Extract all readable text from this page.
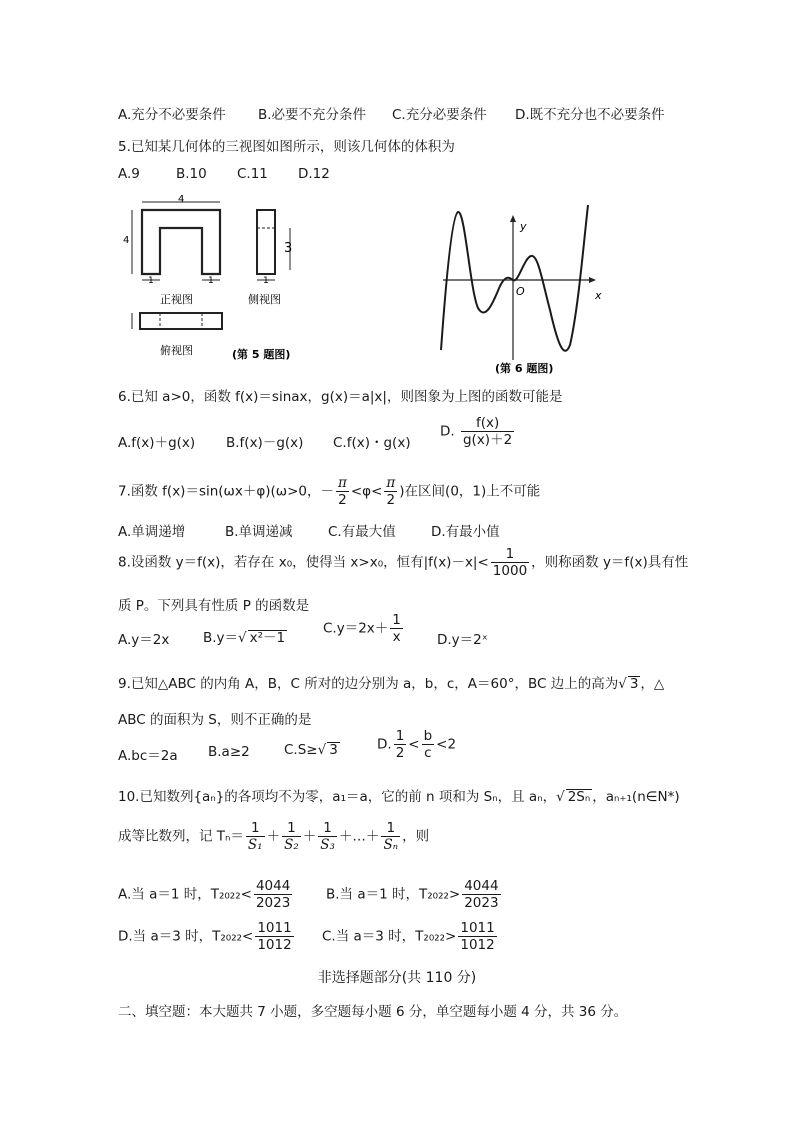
A.充分不必要条件 B.必要不充分条件 C.充分必要条件 D.既不充分也不必要条件
5.已知某几何体的三视图如图所示，则该几何体的体积为
A.9	B.10 C.11 D.12
4
4
1	1
正视图
3
1
侧视图
俯视图	(第 5 题图)
y
x
O
(第 6 题图)
6.已知 a>0，函数 f(x)＝sinax，g(x)＝a|x|，则图象为上图的函数可能是
A.f(x)＋g(x) B.f(x)－g(x) C.f(x)・g(x)
D. $\frac{f(x)}{g(x)+2}$
7.函数 f(x)＝sin(ωx＋φ)(ω>0，－ $\frac{\pi}{2} <\varphi< \frac{\pi}{2}$ )在区间(0，1)上不可能
A.单调递增	B.单调递减	C.有最大值	D.有最小值
8.设函数 y＝f(x)，若存在 x₀，使得当 x>x₀，恒有$|f(x)-x|< \frac{1}{1000}$ ，则称函数 y＝f(x)具有性
质 P。下列具有性质 P 的函数是
A.y＝2x B.y＝√ x²－1
$C.y=2x+ \frac{1}{x}$	D.y＝2ˣ
9.已知△ABC 的内角 A，B，C 所对的边分别为 a，b，c，A＝60°，BC 边上的高为√ 3 ，△
ABC 的面积为 S，则不正确的是
A.bc＝2a B.a≥2	C.S≥√ 3	D. $\frac{1}{2} < \frac{b}{c} <2$
10.已知数列{aₙ}的各项均不为零，a₁＝a，它的前 n 项和为 Sₙ，且 aₙ，√ 2Sₙ ，aₙ₊₁(n∈N*)
成等比数列，记 $T_n= \frac{1}{\text{S₁}} + \frac{1}{\text{S₂}} + \frac{1}{\text{S₃}}$ ＋…＋ $\frac{1}{\text{Sₙ}}$ ，则
A.当 a＝1 时，$T_{2022}< \frac{4044}{2023} B$.当 a＝1 时，$T_{2022}> \frac{4044}{2023}$
D.当 a＝3 时，$T_{2022}< \frac{1011}{1012} C$.当 a＝3 时，$T_{2022}> \frac{1011}{1012}$
非选择题部分(共 110 分)
二、填空题：本大题共 7 小题，多空题每小题 6 分，单空题每小题 4 分，共 36 分。
